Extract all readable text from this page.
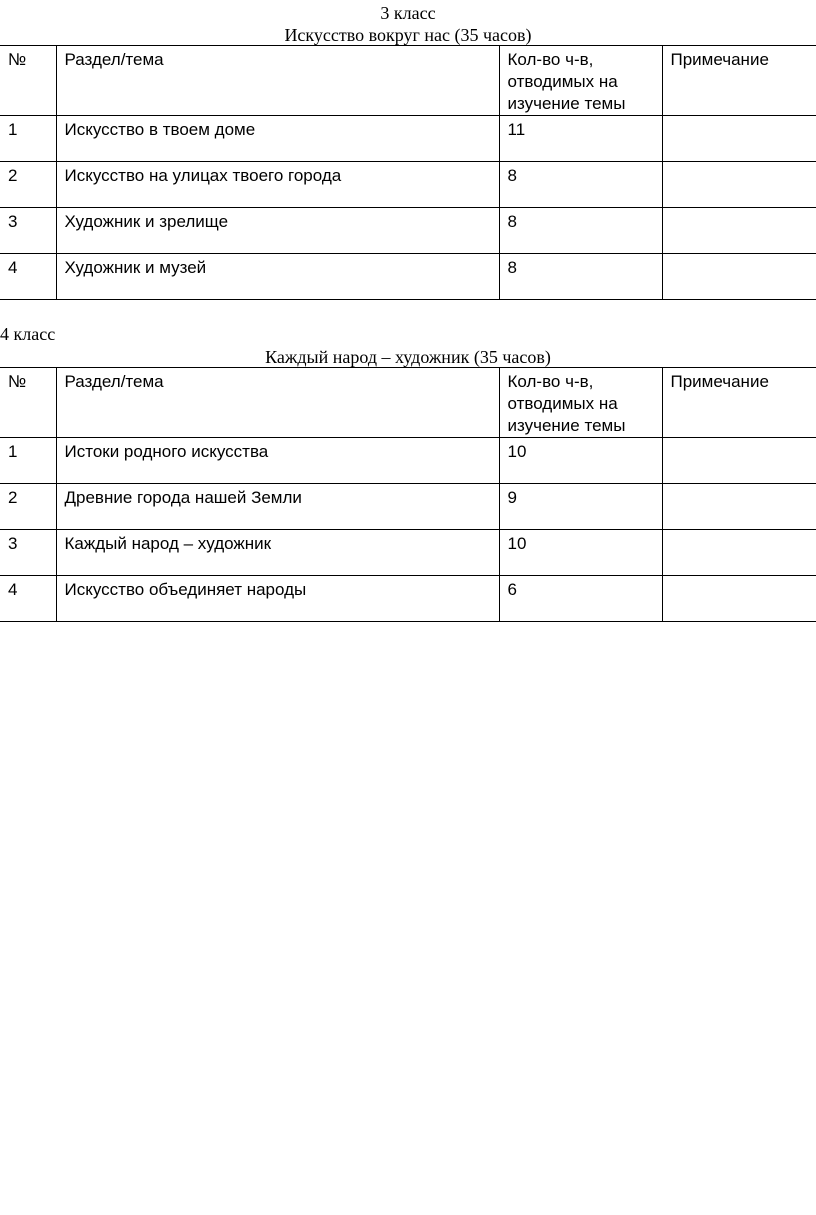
3 класс
Искусство вокруг нас (35 часов)
№	Раздел/тема	Кол-во ч-в, отводимых на изучение темы	Примечание
1	Искусство в твоем доме	11	
2	Искусство на улицах твоего города	8	
3	Художник и зрелище	8	
4	Художник и музей	8	
4 класс
Каждый народ – художник (35 часов)
№	Раздел/тема	Кол-во ч-в, отводимых на изучение темы	Примечание
1	Истоки родного искусства	10	
2	Древние города нашей Земли	9	
3	Каждый народ – художник	10	
4	Искусство объединяет народы	6	
